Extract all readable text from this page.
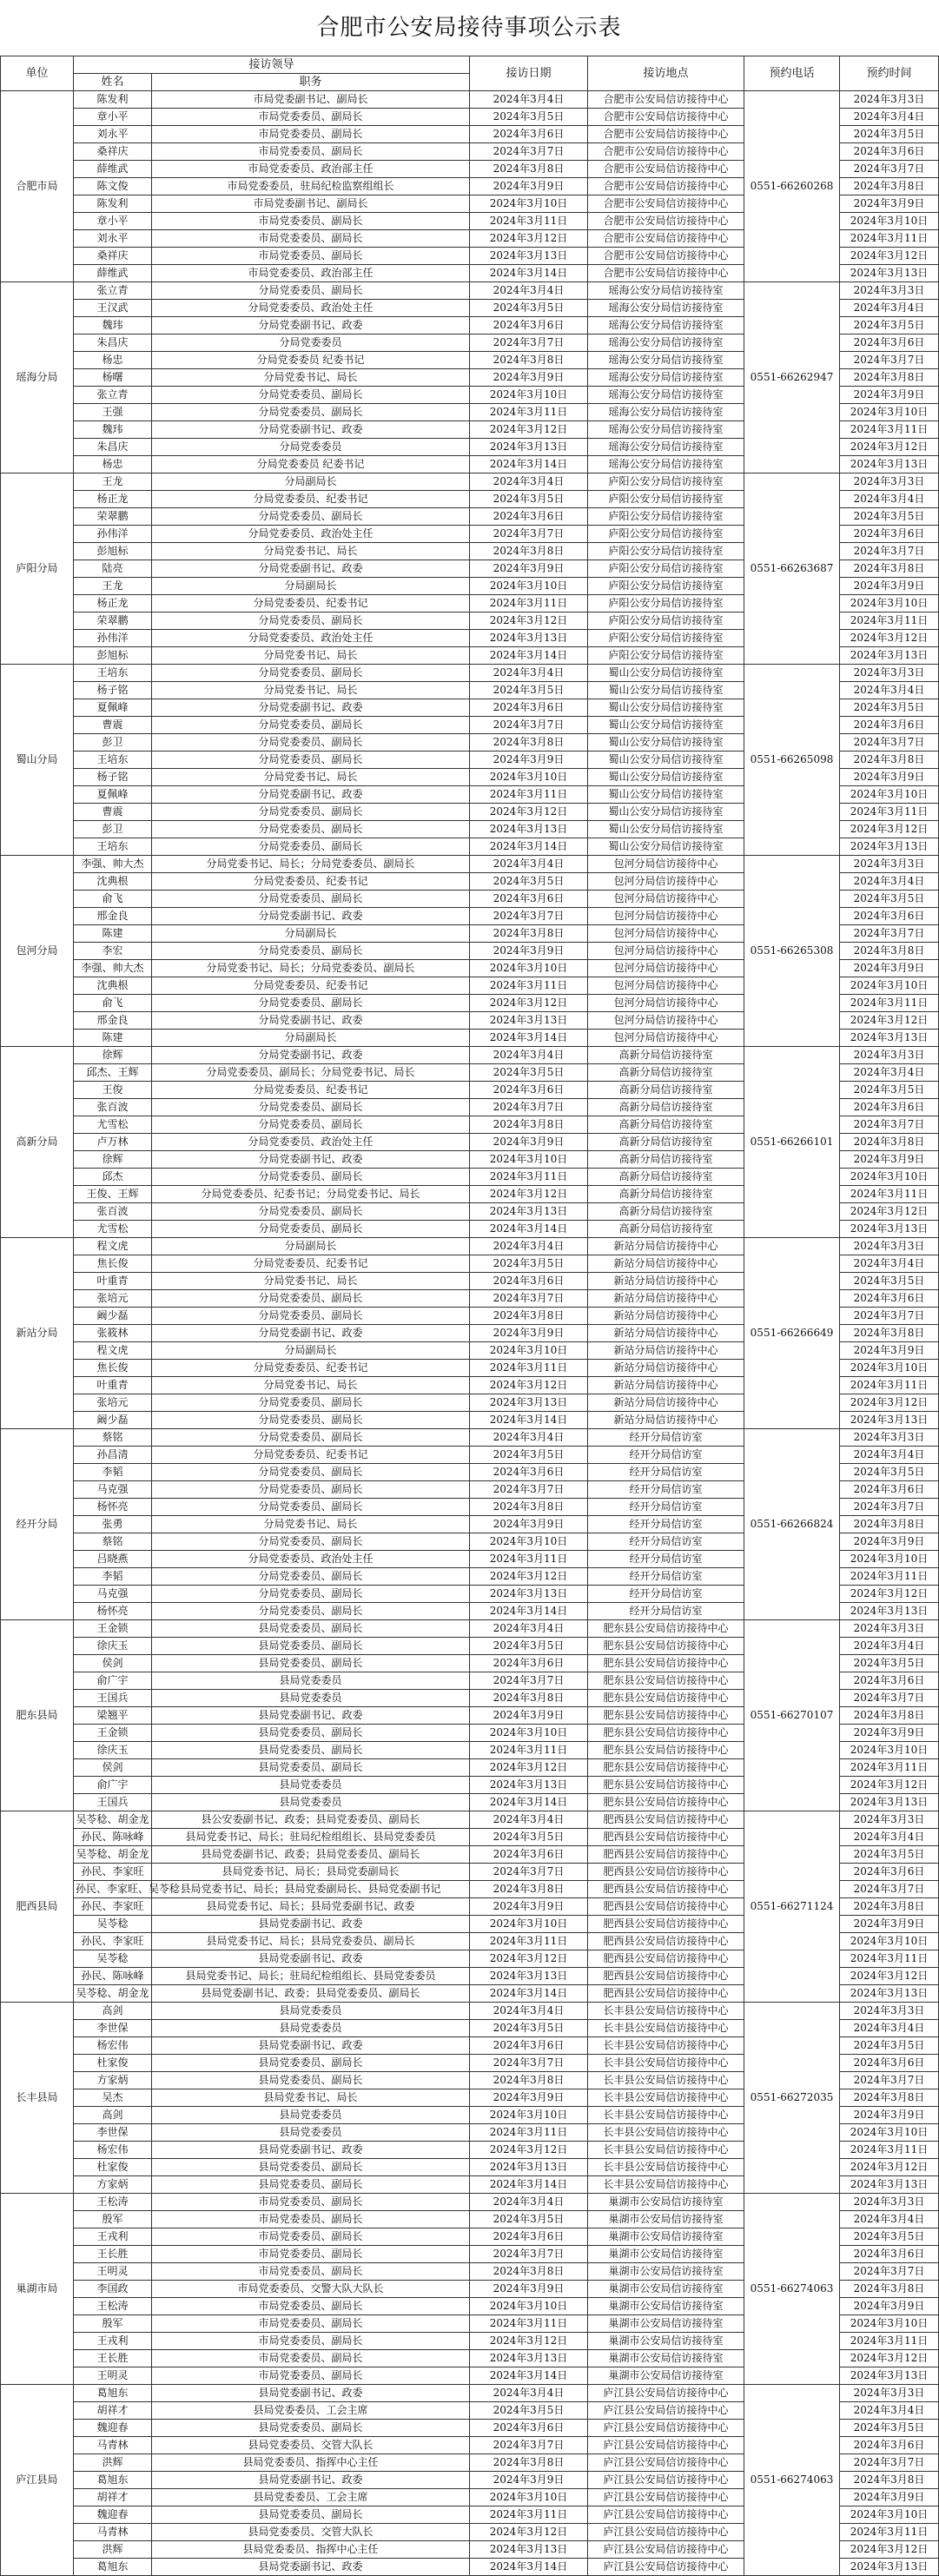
合肥市公安局接待事项公示表
单位	接访领导		接访日期	接访地点	预约电话	预约时间
	姓名	职务				
合肥市局	陈发利	市局党委副书记、副局长	2024年3月4日	合肥市公安局信访接待中心	0551-66260268	2024年3月3日
	章小平	市局党委委员、副局长	2024年3月5日	合肥市公安局信访接待中心		2024年3月4日
	刘永平	市局党委委员、副局长	2024年3月6日	合肥市公安局信访接待中心		2024年3月5日
	桑祥庆	市局党委委员、副局长	2024年3月7日	合肥市公安局信访接待中心		2024年3月6日
	薛维武	市局党委委员、政治部主任	2024年3月8日	合肥市公安局信访接待中心		2024年3月7日
	陈文俊	市局党委委员，驻局纪检监察组组长	2024年3月9日	合肥市公安局信访接待中心		2024年3月8日
	陈发利	市局党委副书记、副局长	2024年3月10日	合肥市公安局信访接待中心		2024年3月9日
	章小平	市局党委委员、副局长	2024年3月11日	合肥市公安局信访接待中心		2024年3月10日
	刘永平	市局党委委员、副局长	2024年3月12日	合肥市公安局信访接待中心		2024年3月11日
	桑祥庆	市局党委委员、副局长	2024年3月13日	合肥市公安局信访接待中心		2024年3月12日
	薛维武	市局党委委员、政治部主任	2024年3月14日	合肥市公安局信访接待中心		2024年3月13日
瑶海分局	张立青	分局党委委员、副局长	2024年3月4日	瑶海公安分局信访接待室	0551-66262947	2024年3月3日
	王汉武	分局党委委员、政治处主任	2024年3月5日	瑶海公安分局信访接待室		2024年3月4日
	魏玮	分局党委副书记、政委	2024年3月6日	瑶海公安分局信访接待室		2024年3月5日
	朱昌庆	分局党委委员	2024年3月7日	瑶海公安分局信访接待室		2024年3月6日
	杨忠	分局党委委员 纪委书记	2024年3月8日	瑶海公安分局信访接待室		2024年3月7日
	杨曙	分局党委书记、局长	2024年3月9日	瑶海公安分局信访接待室		2024年3月8日
	张立青	分局党委委员、副局长	2024年3月10日	瑶海公安分局信访接待室		2024年3月9日
	王强	分局党委委员、副局长	2024年3月11日	瑶海公安分局信访接待室		2024年3月10日
	魏玮	分局党委副书记、政委	2024年3月12日	瑶海公安分局信访接待室		2024年3月11日
	朱昌庆	分局党委委员	2024年3月13日	瑶海公安分局信访接待室		2024年3月12日
	杨忠	分局党委委员 纪委书记	2024年3月14日	瑶海公安分局信访接待室		2024年3月13日
庐阳分局	王龙	分局副局长	2024年3月4日	庐阳公安分局信访接待室	0551-66263687	2024年3月3日
	杨正龙	分局党委委员、纪委书记	2024年3月5日	庐阳公安分局信访接待室		2024年3月4日
	荣翠鹏	分局党委委员、副局长	2024年3月6日	庐阳公安分局信访接待室		2024年3月5日
	孙伟洋	分局党委委员、政治处主任	2024年3月7日	庐阳公安分局信访接待室		2024年3月6日
	彭旭标	分局党委书记、局长	2024年3月8日	庐阳公安分局信访接待室		2024年3月7日
	陆亮	分局党委副书记、政委	2024年3月9日	庐阳公安分局信访接待室		2024年3月8日
	王龙	分局副局长	2024年3月10日	庐阳公安分局信访接待室		2024年3月9日
	杨正龙	分局党委委员、纪委书记	2024年3月11日	庐阳公安分局信访接待室		2024年3月10日
	荣翠鹏	分局党委委员、副局长	2024年3月12日	庐阳公安分局信访接待室		2024年3月11日
	孙伟洋	分局党委委员、政治处主任	2024年3月13日	庐阳公安分局信访接待室		2024年3月12日
	彭旭标	分局党委书记、局长	2024年3月14日	庐阳公安分局信访接待室		2024年3月13日
蜀山分局	王培东	分局党委委员、副局长	2024年3月4日	蜀山公安分局信访接待室	0551-66265098	2024年3月3日
	杨子铭	分局党委书记、局长	2024年3月5日	蜀山公安分局信访接待室		2024年3月4日
	夏佩峰	分局党委副书记、政委	2024年3月6日	蜀山公安分局信访接待室		2024年3月5日
	曹震	分局党委委员、副局长	2024年3月7日	蜀山公安分局信访接待室		2024年3月6日
	彭卫	分局党委委员、副局长	2024年3月8日	蜀山公安分局信访接待室		2024年3月7日
	王培东	分局党委委员、副局长	2024年3月9日	蜀山公安分局信访接待室		2024年3月8日
	杨子铭	分局党委书记、局长	2024年3月10日	蜀山公安分局信访接待室		2024年3月9日
	夏佩峰	分局党委副书记、政委	2024年3月11日	蜀山公安分局信访接待室		2024年3月10日
	曹震	分局党委委员、副局长	2024年3月12日	蜀山公安分局信访接待室		2024年3月11日
	彭卫	分局党委委员、副局长	2024年3月13日	蜀山公安分局信访接待室		2024年3月12日
	王培东	分局党委委员、副局长	2024年3月14日	蜀山公安分局信访接待室		2024年3月13日
包河分局	李强、帅大杰	分局党委书记、局长；分局党委委员、副局长	2024年3月4日	包河分局信访接待中心	0551-66265308	2024年3月3日
	沈典根	分局党委委员、纪委书记	2024年3月5日	包河分局信访接待中心		2024年3月4日
	俞飞	分局党委委员、副局长	2024年3月6日	包河分局信访接待中心		2024年3月5日
	邢金良	分局党委副书记、政委	2024年3月7日	包河分局信访接待中心		2024年3月6日
	陈建	分局副局长	2024年3月8日	包河分局信访接待中心		2024年3月7日
	李宏	分局党委委员、副局长	2024年3月9日	包河分局信访接待中心		2024年3月8日
	李强、帅大杰	分局党委书记、局长；分局党委委员、副局长	2024年3月10日	包河分局信访接待中心		2024年3月9日
	沈典根	分局党委委员、纪委书记	2024年3月11日	包河分局信访接待中心		2024年3月10日
	俞飞	分局党委委员、副局长	2024年3月12日	包河分局信访接待中心		2024年3月11日
	邢金良	分局党委副书记、政委	2024年3月13日	包河分局信访接待中心		2024年3月12日
	陈建	分局副局长	2024年3月14日	包河分局信访接待中心		2024年3月13日
高新分局	徐辉	分局党委副书记、政委	2024年3月4日	高新分局信访接待室	0551-66266101	2024年3月3日
	邱杰、王辉	分局党委委员、副局长；分局党委书记、局长	2024年3月5日	高新分局信访接待室		2024年3月4日
	王俊	分局党委委员、纪委书记	2024年3月6日	高新分局信访接待室		2024年3月5日
	张百波	分局党委委员、副局长	2024年3月7日	高新分局信访接待室		2024年3月6日
	尤雪松	分局党委委员、副局长	2024年3月8日	高新分局信访接待室		2024年3月7日
	卢万林	分局党委委员、政治处主任	2024年3月9日	高新分局信访接待室		2024年3月8日
	徐辉	分局党委副书记、政委	2024年3月10日	高新分局信访接待室		2024年3月9日
	邱杰	分局党委委员、副局长	2024年3月11日	高新分局信访接待室		2024年3月10日
	王俊、王辉	分局党委委员、纪委书记；分局党委书记、局长	2024年3月12日	高新分局信访接待室		2024年3月11日
	张百波	分局党委委员、副局长	2024年3月13日	高新分局信访接待室		2024年3月12日
	尤雪松	分局党委委员、副局长	2024年3月14日	高新分局信访接待室		2024年3月13日
新站分局	程文虎	分局副局长	2024年3月4日	新站分局信访接待中心	0551-66266649	2024年3月3日
	焦长俊	分局党委委员、纪委书记	2024年3月5日	新站分局信访接待中心		2024年3月4日
	叶重青	分局党委书记、局长	2024年3月6日	新站分局信访接待中心		2024年3月5日
	张培元	分局党委委员、副局长	2024年3月7日	新站分局信访接待中心		2024年3月6日
	阚少磊	分局党委委员、副局长	2024年3月8日	新站分局信访接待中心		2024年3月7日
	张筱林	分局党委副书记、政委	2024年3月9日	新站分局信访接待中心		2024年3月8日
	程文虎	分局副局长	2024年3月10日	新站分局信访接待中心		2024年3月9日
	焦长俊	分局党委委员、纪委书记	2024年3月11日	新站分局信访接待中心		2024年3月10日
	叶重青	分局党委书记、局长	2024年3月12日	新站分局信访接待中心		2024年3月11日
	张培元	分局党委委员、副局长	2024年3月13日	新站分局信访接待中心		2024年3月12日
	阚少磊	分局党委委员、副局长	2024年3月14日	新站分局信访接待中心		2024年3月13日
经开分局	蔡铭	分局党委委员、副局长	2024年3月4日	经开分局信访室	0551-66266824	2024年3月3日
	孙昌清	分局党委委员、纪委书记	2024年3月5日	经开分局信访室		2024年3月4日
	李韬	分局党委委员、副局长	2024年3月6日	经开分局信访室		2024年3月5日
	马克强	分局党委委员、副局长	2024年3月7日	经开分局信访室		2024年3月6日
	杨怀亮	分局党委委员、副局长	2024年3月8日	经开分局信访室		2024年3月7日
	张勇	分局党委书记、局长	2024年3月9日	经开分局信访室		2024年3月8日
	蔡铭	分局党委委员、副局长	2024年3月10日	经开分局信访室		2024年3月9日
	吕晓燕	分局党委委员、政治处主任	2024年3月11日	经开分局信访室		2024年3月10日
	李韬	分局党委委员、副局长	2024年3月12日	经开分局信访室		2024年3月11日
	马克强	分局党委委员、副局长	2024年3月13日	经开分局信访室		2024年3月12日
	杨怀亮	分局党委委员、副局长	2024年3月14日	经开分局信访室		2024年3月13日
肥东县局	王金锁	县局党委委员、副局长	2024年3月4日	肥东县公安局信访接待中心	0551-66270107	2024年3月3日
	徐庆玉	县局党委委员、副局长	2024年3月5日	肥东县公安局信访接待中心		2024年3月4日
	侯剑	县局党委委员、副局长	2024年3月6日	肥东县公安局信访接待中心		2024年3月5日
	俞广宇	县局党委委员	2024年3月7日	肥东县公安局信访接待中心		2024年3月6日
	王国兵	县局党委委员	2024年3月8日	肥东县公安局信访接待中心		2024年3月7日
	梁翘平	县局党委副书记、政委	2024年3月9日	肥东县公安局信访接待中心		2024年3月8日
	王金锁	县局党委委员、副局长	2024年3月10日	肥东县公安局信访接待中心		2024年3月9日
	徐庆玉	县局党委委员、副局长	2024年3月11日	肥东县公安局信访接待中心		2024年3月10日
	侯剑	县局党委委员、副局长	2024年3月12日	肥东县公安局信访接待中心		2024年3月11日
	俞广宇	县局党委委员	2024年3月13日	肥东县公安局信访接待中心		2024年3月12日
	王国兵	县局党委委员	2024年3月14日	肥东县公安局信访接待中心		2024年3月13日
肥西县局	吴苓稔、胡金龙	县公安委副书记、政委；县局党委委员、副局长	2024年3月4日	肥西县公安局信访接待中心	0551-66271124	2024年3月3日
	孙民、陈咏峰	县局党委书记、局长；驻局纪检组组长、县局党委委员	2024年3月5日	肥西县公安局信访接待中心		2024年3月4日
	吴苓稔、胡金龙	县局党委副书记、政委；县局党委委员、副局长	2024年3月6日	肥西县公安局信访接待中心		2024年3月5日
	孙民、李家旺	县局党委书记、局长；县局党委副局长	2024年3月7日	肥西县公安局信访接待中心		2024年3月6日
	孙民、李家旺、吴苓稔	县局党委书记、局长；县局党委副局长、县局党委副书记	2024年3月8日	肥西县公安局信访接待中心		2024年3月7日
	孙民、李家旺	县局党委书记、局长；县局党委副书记、政委	2024年3月9日	肥西县公安局信访接待中心		2024年3月8日
	吴苓稔	县局党委副书记、政委	2024年3月10日	肥西县公安局信访接待中心		2024年3月9日
	孙民、李家旺	县局党委书记、局长；县局党委委员、副局长	2024年3月11日	肥西县公安局信访接待中心		2024年3月10日
	吴苓稔	县局党委副书记、政委	2024年3月12日	肥西县公安局信访接待中心		2024年3月11日
	孙民、陈咏峰	县局党委书记、局长；驻局纪检组组长、县局党委委员	2024年3月13日	肥西县公安局信访接待中心		2024年3月12日
	吴苓稔、胡金龙	县局党委副书记、政委；县局党委委员、副局长	2024年3月14日	肥西县公安局信访接待中心		2024年3月13日
长丰县局	高剑	县局党委委员	2024年3月4日	长丰县公安局信访接待中心	0551-66272035	2024年3月3日
	李世保	县局党委委员	2024年3月5日	长丰县公安局信访接待中心		2024年3月4日
	杨宏伟	县局党委副书记、政委	2024年3月6日	长丰县公安局信访接待中心		2024年3月5日
	杜家俊	县局党委委员、副局长	2024年3月7日	长丰县公安局信访接待中心		2024年3月6日
	方家炳	县局党委委员、副局长	2024年3月8日	长丰县公安局信访接待中心		2024年3月7日
	吴杰	县局党委书记、局长	2024年3月9日	长丰县公安局信访接待中心		2024年3月8日
	高剑	县局党委委员	2024年3月10日	长丰县公安局信访接待中心		2024年3月9日
	李世保	县局党委委员	2024年3月11日	长丰县公安局信访接待中心		2024年3月10日
	杨宏伟	县局党委副书记、政委	2024年3月12日	长丰县公安局信访接待中心		2024年3月11日
	杜家俊	县局党委委员、副局长	2024年3月13日	长丰县公安局信访接待中心		2024年3月12日
	方家炳	县局党委委员、副局长	2024年3月14日	长丰县公安局信访接待中心		2024年3月13日
巢湖市局	王松涛	市局党委委员、副局长	2024年3月4日	巢湖市公安局信访接待室	0551-66274063	2024年3月3日
	殷军	市局党委委员、副局长	2024年3月5日	巢湖市公安局信访接待室		2024年3月4日
	王戎利	市局党委委员、副局长	2024年3月6日	巢湖市公安局信访接待室		2024年3月5日
	王长胜	市局党委委员、副局长	2024年3月7日	巢湖市公安局信访接待室		2024年3月6日
	王明灵	市局党委委员、副局长	2024年3月8日	巢湖市公安局信访接待室		2024年3月7日
	李国政	市局党委委员、交警大队大队长	2024年3月9日	巢湖市公安局信访接待室		2024年3月8日
	王松涛	市局党委委员、副局长	2024年3月10日	巢湖市公安局信访接待室		2024年3月9日
	殷军	市局党委委员、副局长	2024年3月11日	巢湖市公安局信访接待室		2024年3月10日
	王戎利	市局党委委员、副局长	2024年3月12日	巢湖市公安局信访接待室		2024年3月11日
	王长胜	市局党委委员、副局长	2024年3月13日	巢湖市公安局信访接待室		2024年3月12日
	王明灵	市局党委委员、副局长	2024年3月14日	巢湖市公安局信访接待室		2024年3月13日
庐江县局	葛旭东	县局党委副书记、政委	2024年3月4日	庐江县公安局信访接待中心	0551-66274063	2024年3月3日
	胡祥才	县局党委委员、工会主席	2024年3月5日	庐江县公安局信访接待中心		2024年3月4日
	魏迎春	县局党委委员、副局长	2024年3月6日	庐江县公安局信访接待中心		2024年3月5日
	马青林	县局党委委员、交管大队长	2024年3月7日	庐江县公安局信访接待中心		2024年3月6日
	洪辉	县局党委委员、指挥中心主任	2024年3月8日	庐江县公安局信访接待中心		2024年3月7日
	葛旭东	县局党委副书记、政委	2024年3月9日	庐江县公安局信访接待中心		2024年3月8日
	胡祥才	县局党委委员、工会主席	2024年3月10日	庐江县公安局信访接待中心		2024年3月9日
	魏迎春	县局党委委员、副局长	2024年3月11日	庐江县公安局信访接待中心		2024年3月10日
	马青林	县局党委委员、交管大队长	2024年3月12日	庐江县公安局信访接待中心		2024年3月11日
	洪辉	县局党委委员、指挥中心主任	2024年3月13日	庐江县公安局信访接待中心		2024年3月12日
	葛旭东	县局党委副书记、政委	2024年3月14日	庐江县公安局信访接待中心		2024年3月13日
